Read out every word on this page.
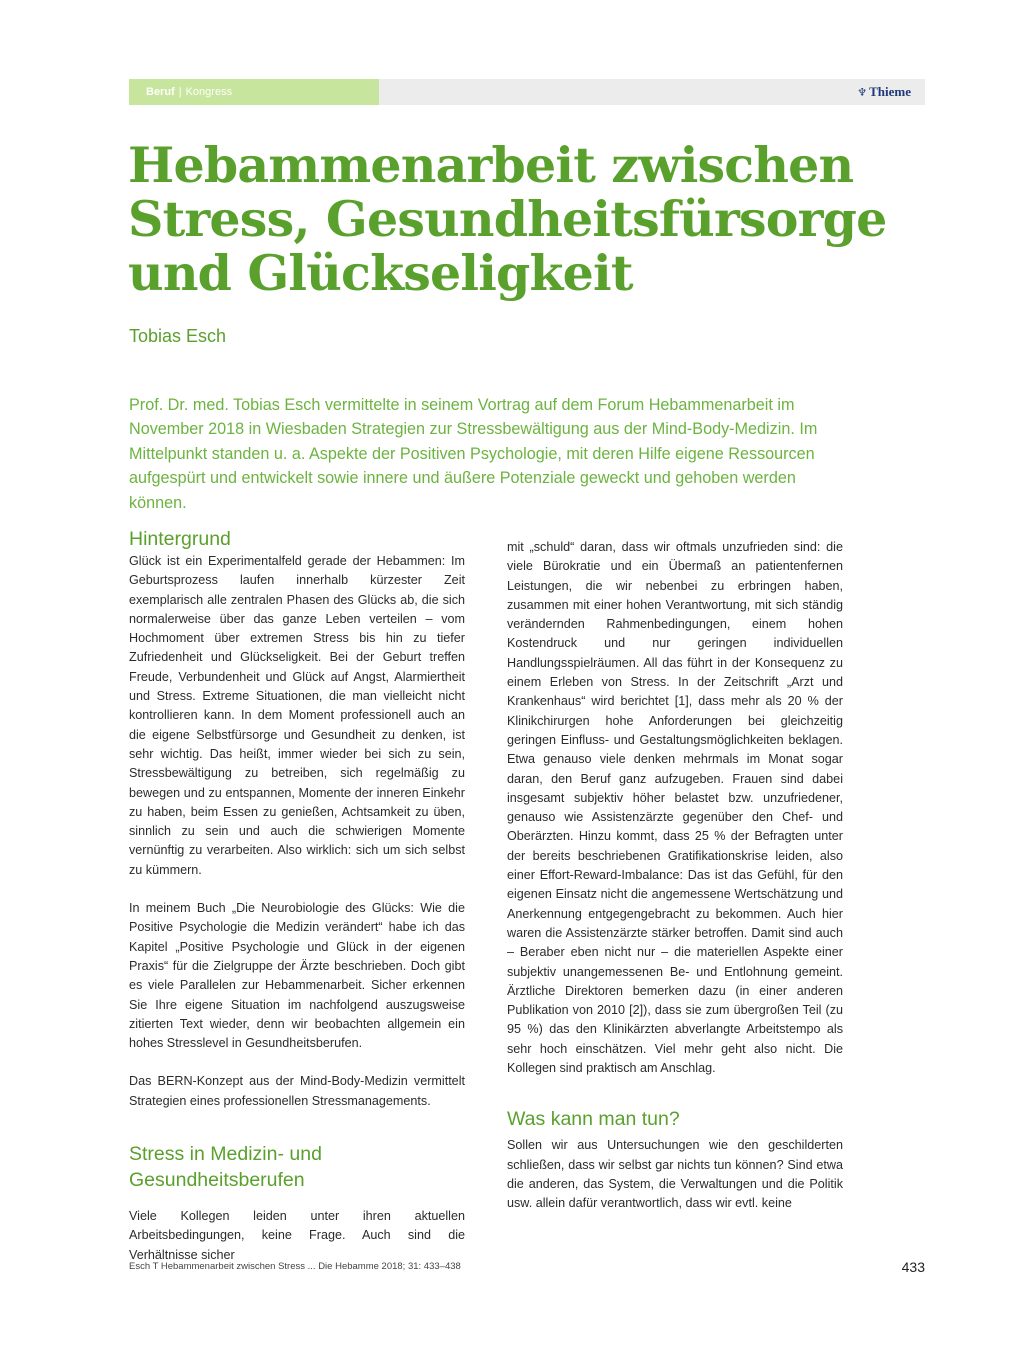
Beruf | Kongress	♆ Thieme
Hebammenarbeit zwischen Stress, Gesundheitsfürsorge und Glückseligkeit
Tobias Esch
Prof. Dr. med. Tobias Esch vermittelte in seinem Vortrag auf dem Forum Hebammenarbeit im November 2018 in Wiesbaden Strategien zur Stressbewältigung aus der Mind-Body-Medizin. Im Mittelpunkt standen u. a. Aspekte der Positiven Psychologie, mit deren Hilfe eigene Ressourcen aufgespürt und entwickelt sowie innere und äußere Potenziale geweckt und gehoben werden können.
Hintergrund

Glück ist ein Experimentalfeld gerade der Hebammen: Im Geburtsprozess laufen innerhalb kürzester Zeit exemplarisch alle zentralen Phasen des Glücks ab, die sich normalerweise über das ganze Leben verteilen – vom Hochmoment über extremen Stress bis hin zu tiefer Zufriedenheit und Glückseligkeit. Bei der Geburt treffen Freude, Verbundenheit und Glück auf Angst, Alarmiertheit und Stress. Extreme Situationen, die man vielleicht nicht kontrollieren kann. In dem Moment professionell auch an die eigene Selbstfürsorge und Gesundheit zu denken, ist sehr wichtig. Das heißt, immer wieder bei sich zu sein, Stressbewältigung zu betreiben, sich regelmäßig zu bewegen und zu entspannen, Momente der inneren Einkehr zu haben, beim Essen zu genießen, Achtsamkeit zu üben, sinnlich zu sein und auch die schwierigen Momente vernünftig zu verarbeiten. Also wirklich: sich um sich selbst zu kümmern.

In meinem Buch „Die Neurobiologie des Glücks: Wie die Positive Psychologie die Medizin verändert“ habe ich das Kapitel „Positive Psychologie und Glück in der eigenen Praxis“ für die Zielgruppe der Ärzte beschrieben. Doch gibt es viele Parallelen zur Hebammenarbeit. Sicher erkennen Sie Ihre eigene Situation im nachfolgend auszugsweise zitierten Text wieder, denn wir beobachten allgemein ein hohes Stresslevel in Gesundheitsberufen.

Das BERN-Konzept aus der Mind-Body-Medizin vermittelt Strategien eines professionellen Stressmanagements.

Stress in Medizin- und Gesundheitsberufen

Viele Kollegen leiden unter ihren aktuellen Arbeitsbedingungen, keine Frage. Auch sind die Verhältnisse sicher

mit „schuld“ daran, dass wir oftmals unzufrieden sind: die viele Bürokratie und ein Übermaß an patientenfernen Leistungen, die wir nebenbei zu erbringen haben, zusammen mit einer hohen Verantwortung, mit sich ständig verändernden Rahmenbedingungen, einem hohen Kostendruck und nur geringen individuellen Handlungsspielräumen. All das führt in der Konsequenz zu einem Erleben von Stress. In der Zeitschrift „Arzt und Krankenhaus“ wird berichtet [1], dass mehr als 20 % der Klinikchirurgen hohe Anforderungen bei gleichzeitig geringen Einfluss- und Gestaltungsmöglichkeiten beklagen. Etwa genauso viele denken mehrmals im Monat sogar daran, den Beruf ganz aufzugeben. Frauen sind dabei insgesamt subjektiv höher belastet bzw. unzufriedener, genauso wie Assistenzärzte gegenüber den Chef- und Oberärzten. Hinzu kommt, dass 25 % der Befragten unter der bereits beschriebenen Gratifikationskrise leiden, also einer Effort-Reward-Imbalance: Das ist das Gefühl, für den eigenen Einsatz nicht die angemessene Wertschätzung und Anerkennung entgegengebracht zu bekommen. Auch hier waren die Assistenzärzte stärker betroffen. Damit sind auch – Beraber eben nicht nur – die materiellen Aspekte einer subjektiv unangemessenen Be- und Entlohnung gemeint. Ärztliche Direktoren bemerken dazu (in einer anderen Publikation von 2010 [2]), dass sie zum übergroßen Teil (zu 95 %) das den Klinikärzten abverlangte Arbeitstempo als sehr hoch einschätzen. Viel mehr geht also nicht. Die Kollegen sind praktisch am Anschlag.

Was kann man tun?

Sollen wir aus Untersuchungen wie den geschilderten schließen, dass wir selbst gar nichts tun können? Sind etwa die anderen, das System, die Verwaltungen und die Politik usw. allein dafür verantwortlich, dass wir evtl. keine

Esch T Hebammenarbeit zwischen Stress ... Die Hebamme 2018; 31: 433–438	433
